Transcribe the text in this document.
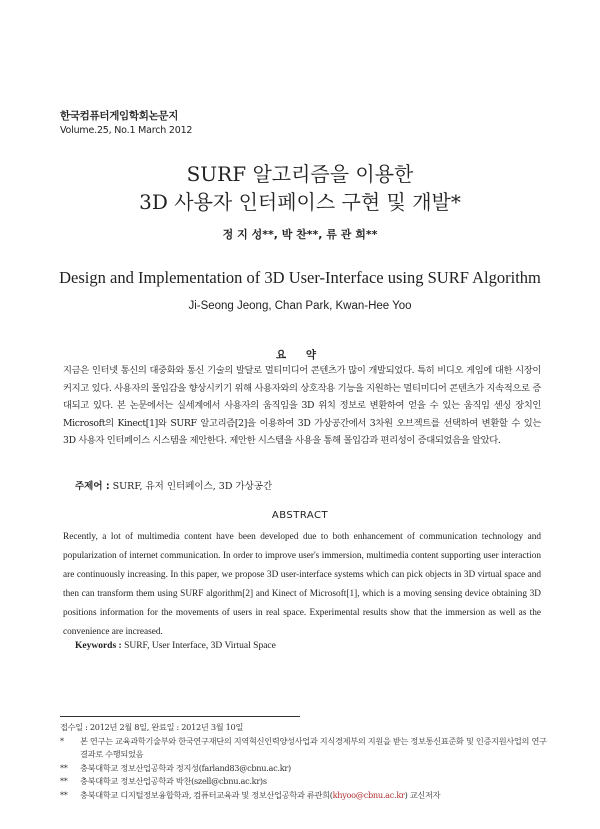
한국컴퓨터게임학회논문지
Volume.25, No.1 March 2012
SURF 알고리즘을 이용한
3D 사용자 인터페이스 구현 및 개발*
정 지 성**, 박 찬**, 류 관 희**
Design and Implementation of 3D User-Interface using SURF Algorithm
Ji-Seong Jeong, Chan Park, Kwan-Hee Yoo
요 약
지금은 인터넷 통신의 대중화와 통신 기술의 발달로 멀티미디어 콘텐츠가 많이 개발되었다. 특히 비디오 게임에 대한 시장이 커지고 있다. 사용자의 몰입감을 향상시키기 위해 사용자와의 상호작용 기능을 지원하는 멀티미디어 콘텐츠가 지속적으로 증대되고 있다. 본 논문에서는 실세계에서 사용자의 움직임을 3D 위치 정보로 변환하여 얻을 수 있는 움직임 센싱 장치인 Microsoft의 Kinect[1]와 SURF 알고리즘[2]을 이용하여 3D 가상공간에서 3차원 오브젝트를 선택하여 변환할 수 있는 3D 사용자 인터페이스 시스템을 제안한다. 제안한 시스템을 사용을 통해 몰입감과 편리성이 증대되었음을 알았다.
주제어 : SURF, 유저 인터페이스, 3D 가상공간
ABSTRACT
Recently, a lot of multimedia content have been developed due to both enhancement of communication technology and popularization of internet communication. In order to improve user's immersion, multimedia content supporting user interaction are continuously increasing. In this paper, we propose 3D user-interface systems which can pick objects in 3D virtual space and then can transform them using SURF algorithm[2] and Kinect of Microsoft[1], which is a moving sensing device obtaining 3D positions information for the movements of users in real space. Experimental results show that the immersion as well as the convenience are increased.
Keywords : SURF, User Interface, 3D Virtual Space
접수일 : 2012년 2월 8일, 완료일 : 2012년 3월 10일
*	본 연구는 교육과학기술부와 한국연구재단의 지역혁신인력양성사업과 지식경제부의 지원을 받는 정보통신표준화 및 인증지원사업의 연구결과로 수행되었음
**	충북대학교 정보산업공학과 정지성(farland83@cbnu.ac.kr)
**	충북대학교 정보산업공학과 박찬(szell@cbnu.ac.kr)s
**	충북대학교 디지털정보융합학과, 컴퓨터교육과 및 정보산업공학과 류관희(khyoo@cbnu.ac.kr) 교신저자
